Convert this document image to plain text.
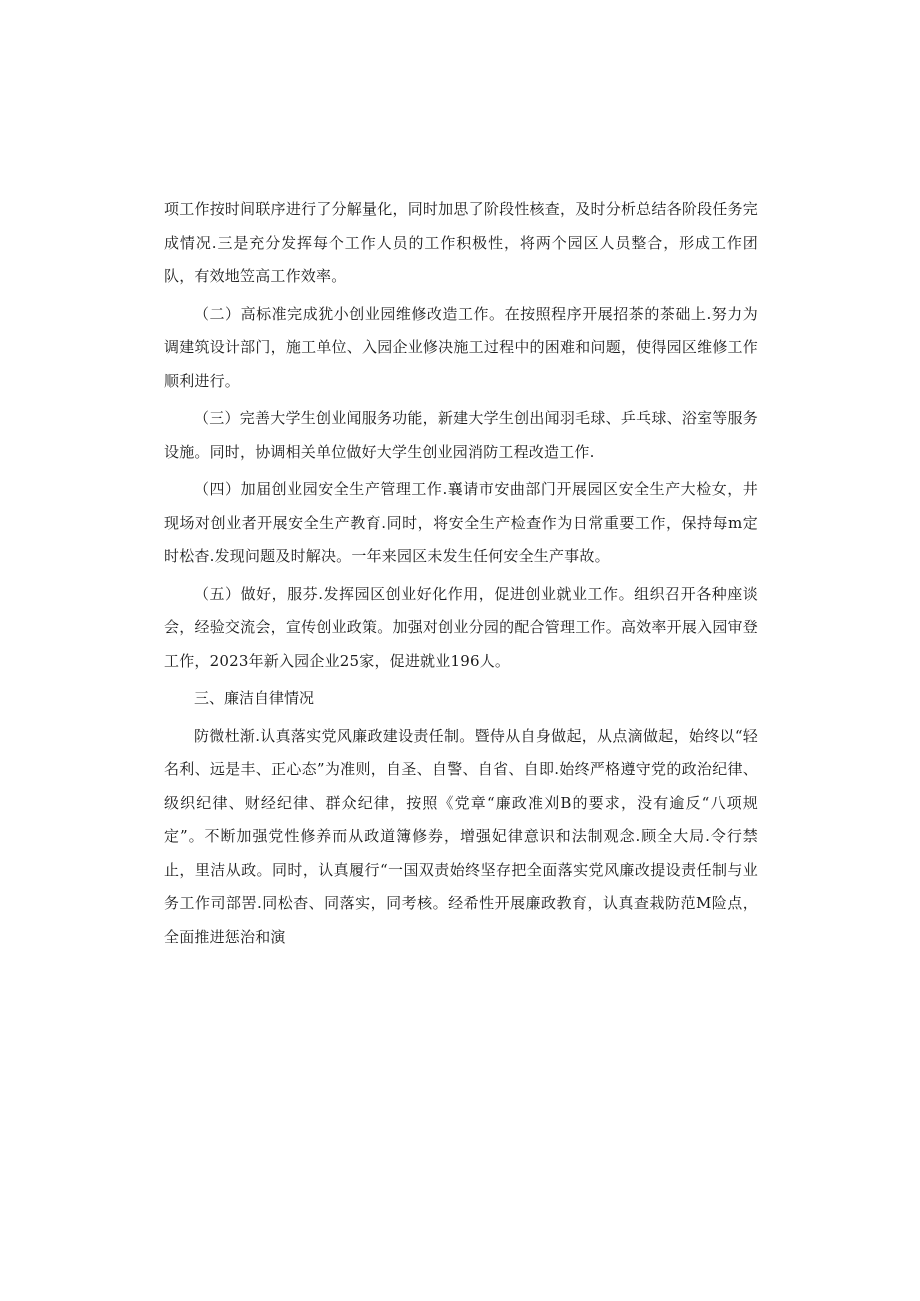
项工作按时间联序进行了分解量化，同时加思了阶段性核查，及时分析总结各阶段任务完成情况.三是充分发挥每个工作人员的工作积极性，将两个园区人员整合，形成工作团队，有效地笠高工作效率。

（二）高标准完成犹小创业园维修改造工作。在按照程序开展招茶的茶础上.努力为调建筑设计部门，施工单位、入园企业修决施工过程中的困难和问题，使得园区维修工作顺利进行。

（三）完善大学生创业闻服务功能，新建大学生创出闻羽毛球、乒乓球、浴室等服务设施。同时，协调相关单位做好大学生创业园消防工程改造工作.

（四）加届创业园安全生产管理工作.襄请市安曲部门开展园区安全生产大检女，井现场对创业者开展安全生产教育.同时，将安全生产检查作为日常重要工作，保持每m定时松杳.发现问题及时解决。一年来园区未发生任何安全生产事故。

（五）做好，服芬.发挥园区创业好化作用，促进创业就业工作。组织召开各种座谈会，经验交流会，宣传创业政策。加强对创业分园的配合管理工作。高效率开展入园审登工作，2023年新入园企业25家，促进就业196人。

三、廉洁自律情况

防微杜渐.认真落实党风廉政建设责任制。暨侍从自身做起，从点滴做起，始终以“轻名利、远是丰、正心态”为准则，自圣、自警、自省、自即.始终严格遵守党的政治纪律、级织纪律、财经纪律、群众纪律，按照《党章“廉政准刈B的要求，没有逾反“八项规定”。不断加强党性修养而从政道簿修券，增强妃律意识和法制观念.顾全大局.令行禁止，里洁从政。同时，认真履行“一国双责始终坚存把全面落实党风廉改提设责任制与业务工作司部罟.同松杳、同落实，同考核。经希性开展廉政教育，认真查栽防范M险点，全面推进惩治和演
